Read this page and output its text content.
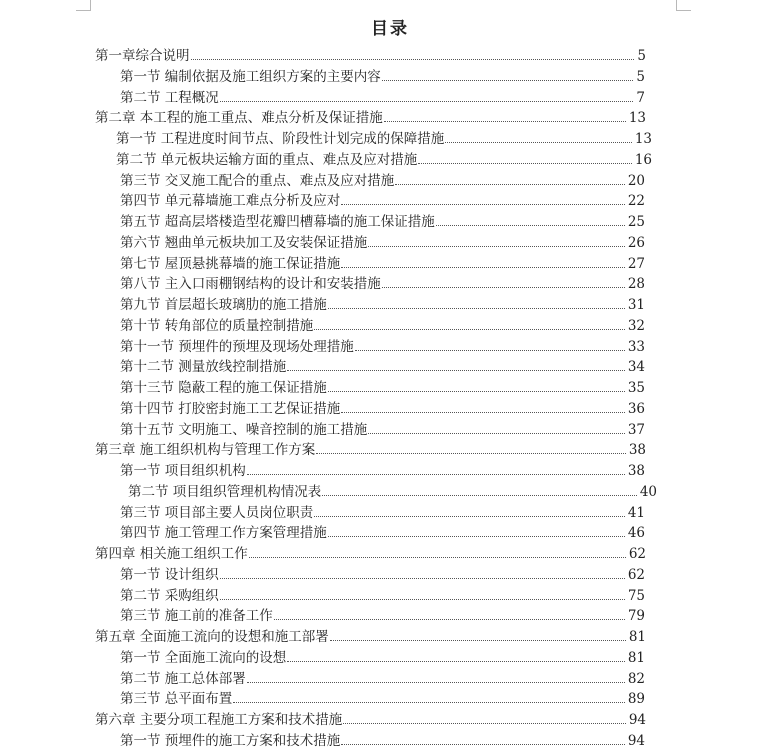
目录
第一章综合说明	5
第一节 编制依据及施工组织方案的主要内容	5
第二节 工程概况	7
第二章 本工程的施工重点、难点分析及保证措施	13
第一节 工程进度时间节点、阶段性计划完成的保障措施	13
第二节 单元板块运输方面的重点、难点及应对措施	16
第三节 交叉施工配合的重点、难点及应对措施	20
第四节 单元幕墙施工难点分析及应对	22
第五节 超高层塔楼造型花瓣凹槽幕墙的施工保证措施	25
第六节 翘曲单元板块加工及安装保证措施	26
第七节 屋顶悬挑幕墙的施工保证措施	27
第八节 主入口雨棚钢结构的设计和安装措施	28
第九节 首层超长玻璃肋的施工措施	31
第十节 转角部位的质量控制措施	32
第十一节 预埋件的预埋及现场处理措施	33
第十二节 测量放线控制措施	34
第十三节 隐蔽工程的施工保证措施	35
第十四节 打胶密封施工工艺保证措施	36
第十五节 文明施工、噪音控制的施工措施	37
第三章 施工组织机构与管理工作方案	38
第一节 项目组织机构	38
第二节 项目组织管理机构情况表	40
第三节 项目部主要人员岗位职责	41
第四节 施工管理工作方案管理措施	46
第四章 相关施工组织工作	62
第一节 设计组织	62
第二节 采购组织	75
第三节 施工前的准备工作	79
第五章 全面施工流向的设想和施工部署	81
第一节 全面施工流向的设想	81
第二节 施工总体部署	82
第三节 总平面布置	89
第六章 主要分项工程施工方案和技术措施	94
第一节 预埋件的施工方案和技术措施	94
